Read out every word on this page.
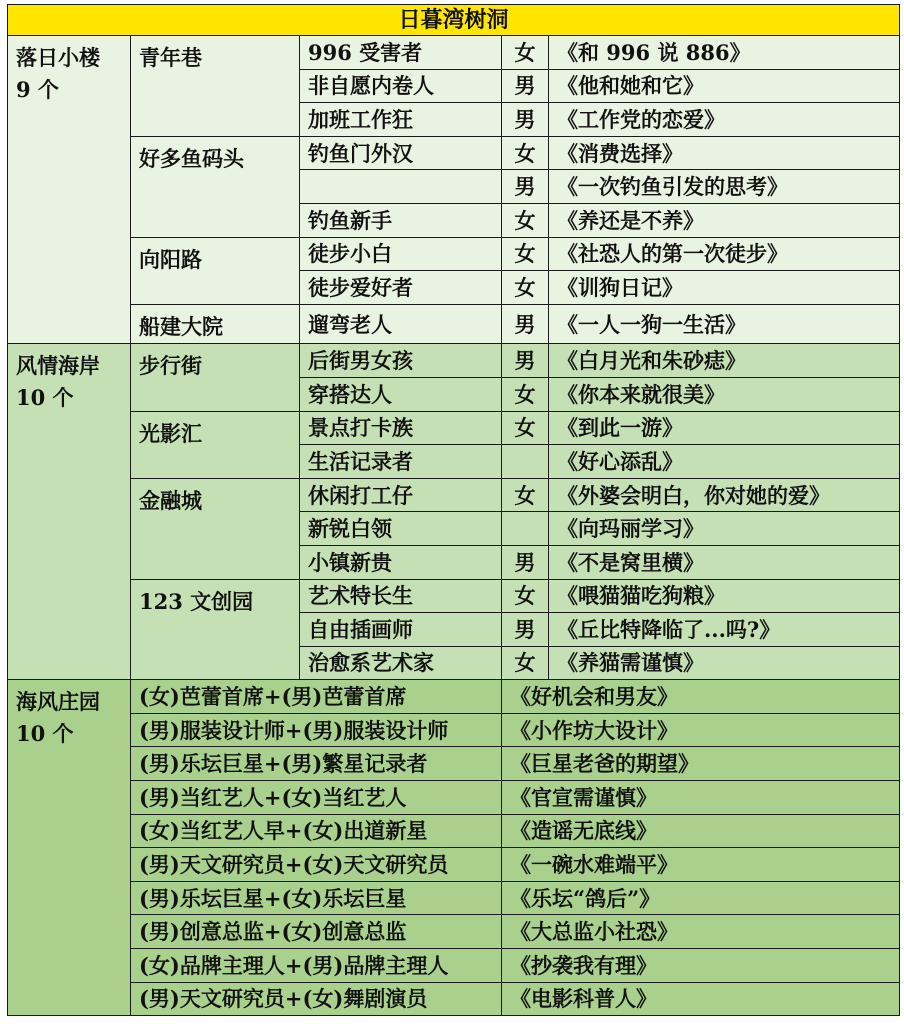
日暮湾树洞				

落日小楼
9 个	青年巷	996 受害者	女	《和 996 说 886》
		非自愿内卷人	男	《他和她和它》
		加班工作狂	男	《工作党的恋爱》
	好多鱼码头	钓鱼门外汉	女	《消费选择》
			男	《一次钓鱼引发的思考》
		钓鱼新手	女	《养还是不养》
	向阳路	徒步小白	女	《社恐人的第一次徒步》
		徒步爱好者	女	《训狗日记》
	船建大院	遛弯老人	男	《一人一狗一生活》

风情海岸
10 个	步行街	后街男女孩	男	《白月光和朱砂痣》
		穿搭达人	女	《你本来就很美》
	光影汇	景点打卡族	女	《到此一游》
		生活记录者		《好心添乱》
	金融城	休闲打工仔	女	《外婆会明白，你对她的爱》
		新锐白领		《向玛丽学习》
		小镇新贵	男	《不是窝里横》
	123 文创园	艺术特长生	女	《喂猫猫吃狗粮》
		自由插画师	男	《丘比特降临了...吗?》
		治愈系艺术家	女	《养猫需谨慎》

海风庄园
10 个	(女)芭蕾首席+(男)芭蕾首席		《好机会和男友》	
	(男)服装设计师+(男)服装设计师		《小作坊大设计》	
	(男)乐坛巨星+(男)繁星记录者		《巨星老爸的期望》	
	(男)当红艺人+(女)当红艺人		《官宣需谨慎》	
	(女)当红艺人早+(女)出道新星		《造谣无底线》	
	(男)天文研究员+(女)天文研究员		《一碗水难端平》	
	(男)乐坛巨星+(女)乐坛巨星		《乐坛“鸽后”》	
	(男)创意总监+(女)创意总监		《大总监小社恐》	
	(女)品牌主理人+(男)品牌主理人		《抄袭我有理》	
	(男)天文研究员+(女)舞剧演员		《电影科普人》	
